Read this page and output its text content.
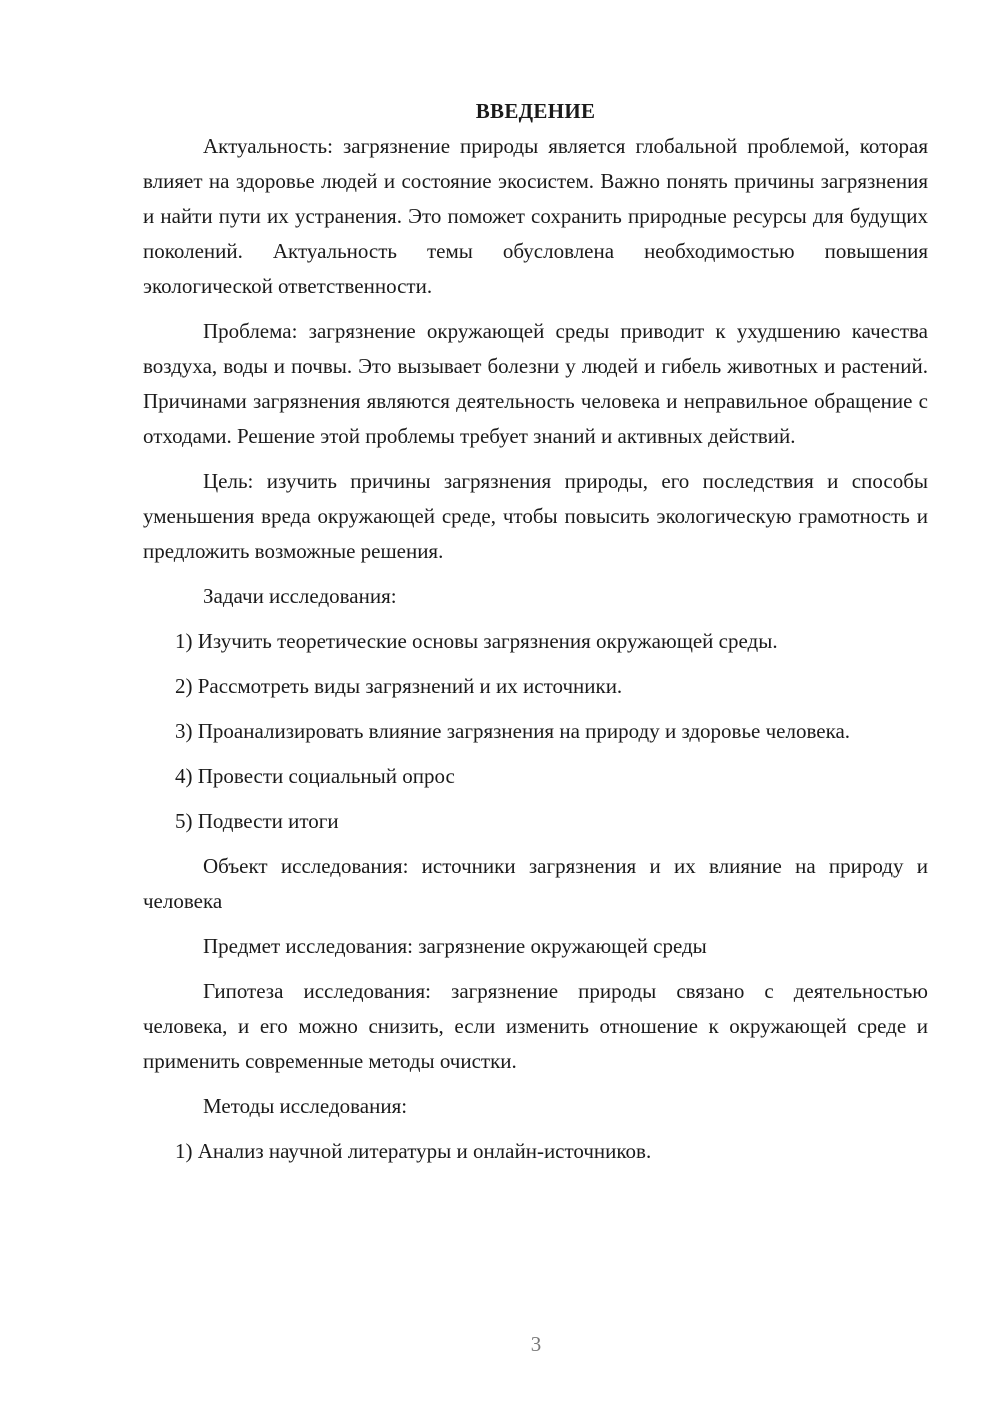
ВВЕДЕНИЕ

Актуальность: загрязнение природы является глобальной проблемой, которая влияет на здоровье людей и состояние экосистем. Важно понять причины загрязнения и найти пути их устранения. Это поможет сохранить природные ресурсы для будущих поколений. Актуальность темы обусловлена необходимостью повышения экологической ответственности.

Проблема: загрязнение окружающей среды приводит к ухудшению качества воздуха, воды и почвы. Это вызывает болезни у людей и гибель животных и растений. Причинами загрязнения являются деятельность человека и неправильное обращение с отходами. Решение этой проблемы требует знаний и активных действий.

Цель: изучить причины загрязнения природы, его последствия и способы уменьшения вреда окружающей среде, чтобы повысить экологическую грамотность и предложить возможные решения.

Задачи исследования:

1) Изучить теоретические основы загрязнения окружающей среды.

2) Рассмотреть виды загрязнений и их источники.

3) Проанализировать влияние загрязнения на природу и здоровье человека.

4) Провести социальный опрос

5) Подвести итоги

Объект исследования: источники загрязнения и их влияние на природу и человека

Предмет исследования: загрязнение окружающей среды

Гипотеза исследования: загрязнение природы связано с деятельностью человека, и его можно снизить, если изменить отношение к окружающей среде и применить современные методы очистки.

Методы исследования:

1) Анализ научной литературы и онлайн-источников.

3
